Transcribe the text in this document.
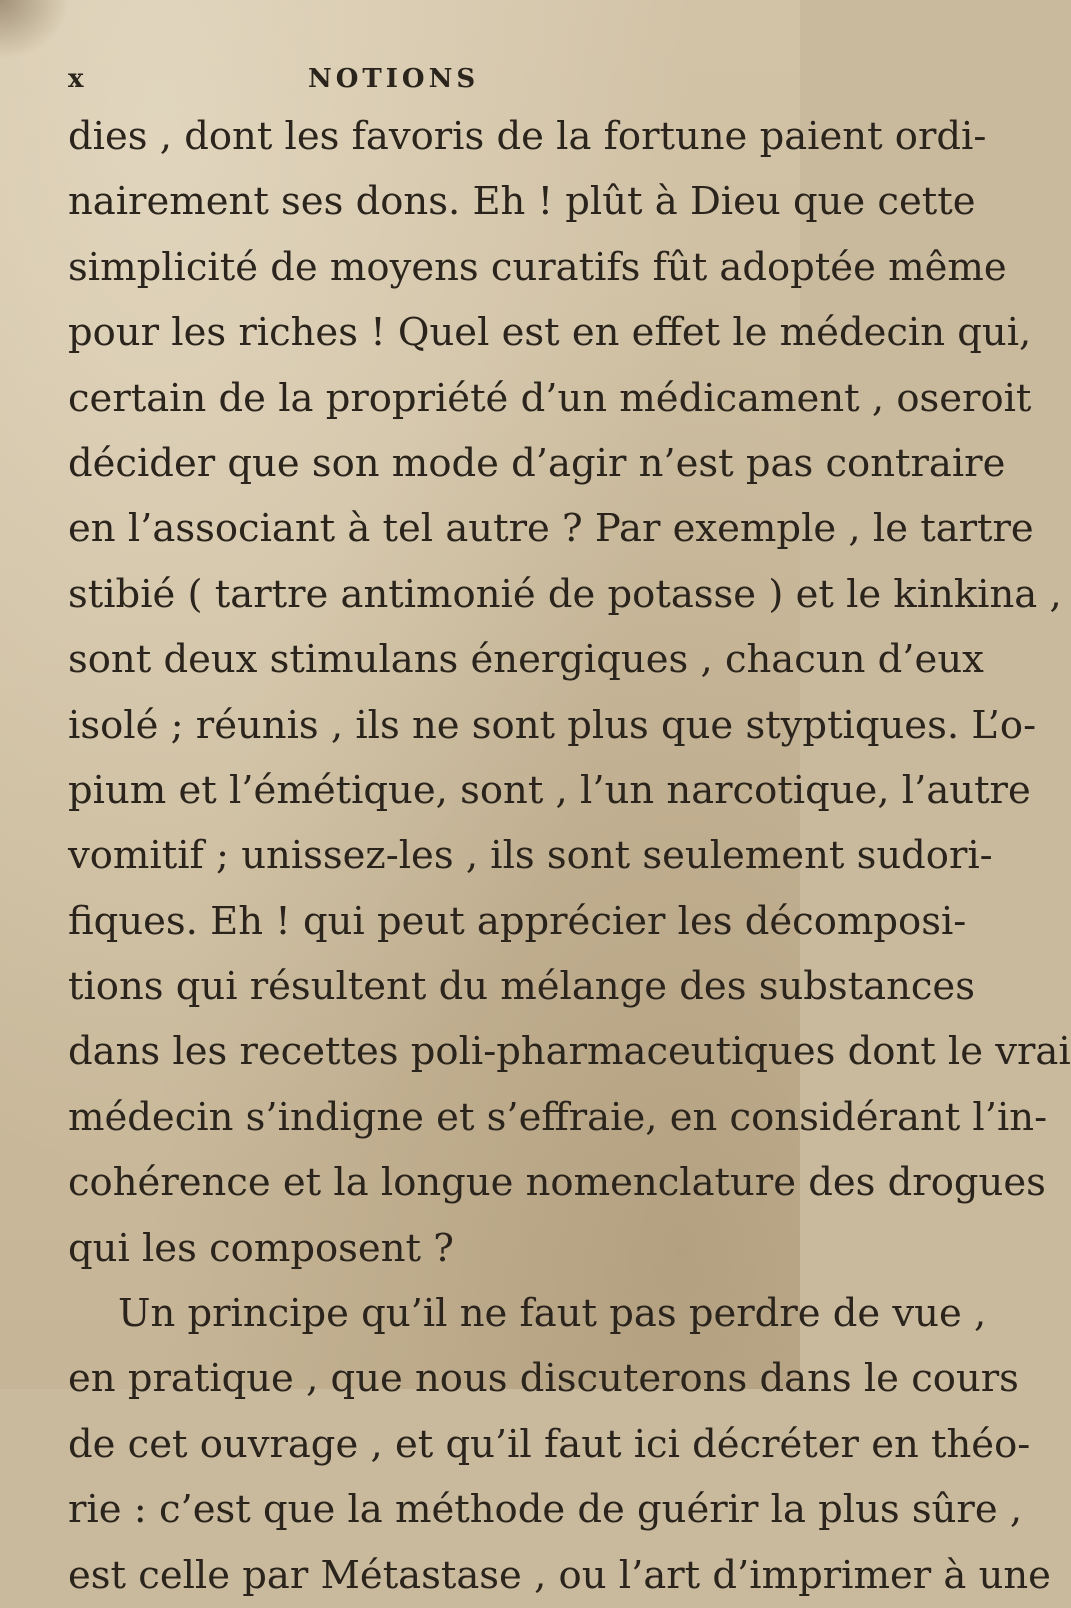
x	NOTIONS
dies , dont les favoris de la fortune paient ordi-
nairement ses dons. Eh ! plût à Dieu que cette
simplicité de moyens curatifs fût adoptée même
pour les riches ! Quel est en effet le médecin qui,
certain de la propriété d’un médicament , oseroit
décider que son mode d’agir n’est pas contraire
en l’associant à tel autre ? Par exemple , le tartre
stibié ( tartre antimonié de potasse ) et le kinkina ,
sont deux stimulans énergiques , chacun d’eux
isolé ; réunis , ils ne sont plus que styptiques. L’o-
pium et l’émétique, sont , l’un narcotique, l’autre
vomitif ; unissez-les , ils sont seulement sudori-
fiques. Eh ! qui peut apprécier les décomposi-
tions qui résultent du mélange des substances
dans les recettes poli-pharmaceutiques dont le vrai
médecin s’indigne et s’effraie, en considérant l’in-
cohérence et la longue nomenclature des drogues
qui les composent ?
Un principe qu’il ne faut pas perdre de vue ,
en pratique , que nous discuterons dans le cours
de cet ouvrage , et qu’il faut ici décréter en théo-
rie : c’est que la méthode de guérir la plus sûre ,
est celle par Métastase , ou l’art d’imprimer à une
